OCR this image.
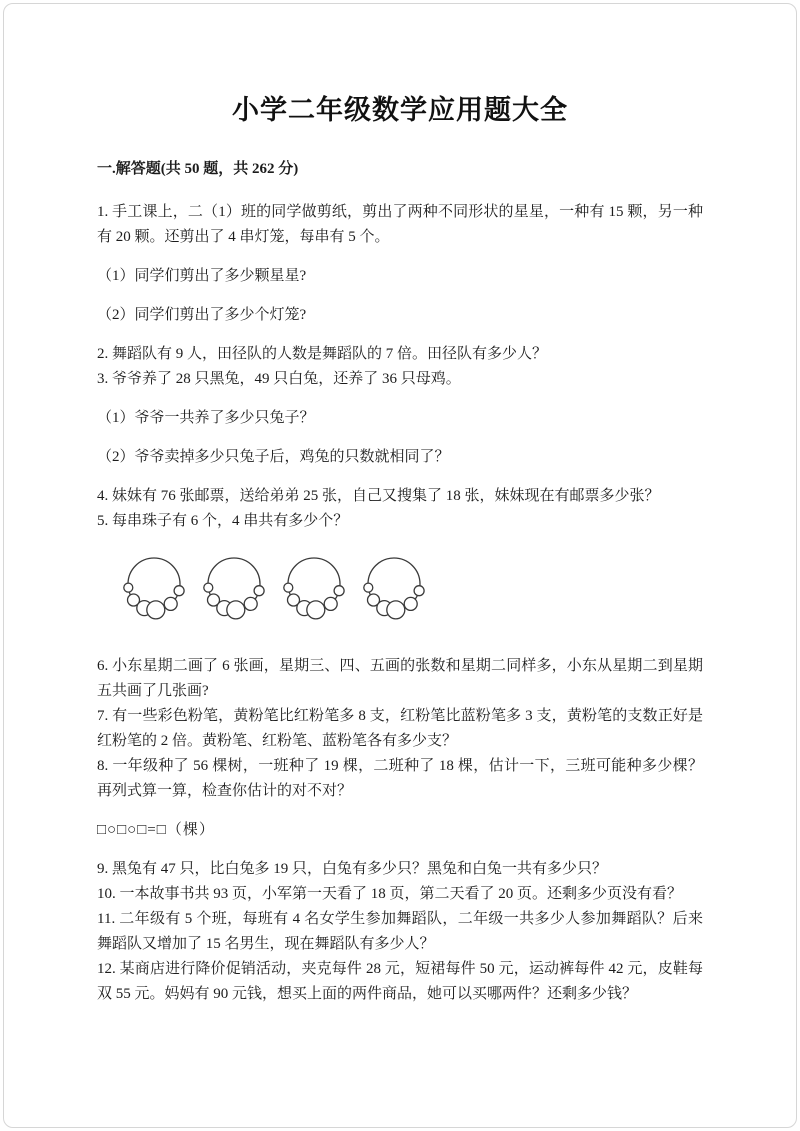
小学二年级数学应用题大全
一.解答题(共 50 题，共 262 分)

1. 手工课上，二（1）班的同学做剪纸，剪出了两种不同形状的星星，一种有 15 颗，另一种有 20 颗。还剪出了 4 串灯笼，每串有 5 个。

（1）同学们剪出了多少颗星星?

（2）同学们剪出了多少个灯笼?

2. 舞蹈队有 9 人，田径队的人数是舞蹈队的 7 倍。田径队有多少人？

3. 爷爷养了 28 只黑兔，49 只白兔，还养了 36 只母鸡。

（1）爷爷一共养了多少只兔子？

（2）爷爷卖掉多少只兔子后，鸡兔的只数就相同了？

4. 妹妹有 76 张邮票，送给弟弟 25 张，自己又搜集了 18 张，妹妹现在有邮票多少张？

5. 每串珠子有 6 个，4 串共有多少个？

6. 小东星期二画了 6 张画，星期三、四、五画的张数和星期二同样多，小东从星期二到星期五共画了几张画?

7. 有一些彩色粉笔，黄粉笔比红粉笔多 8 支，红粉笔比蓝粉笔多 3 支，黄粉笔的支数正好是红粉笔的 2 倍。黄粉笔、红粉笔、蓝粉笔各有多少支？

8. 一年级种了 56 棵树，一班种了 19 棵，二班种了 18 棵，估计一下，三班可能种多少棵？再列式算一算，检查你估计的对不对？

□○□○□=□（棵）

9. 黑兔有 47 只，比白兔多 19 只，白兔有多少只？黑兔和白兔一共有多少只？

10. 一本故事书共 93 页，小军第一天看了 18 页，第二天看了 20 页。还剩多少页没有看？

11. 二年级有 5 个班，每班有 4 名女学生参加舞蹈队，二年级一共多少人参加舞蹈队？后来舞蹈队又增加了 15 名男生，现在舞蹈队有多少人？

12. 某商店进行降价促销活动，夹克每件 28 元，短裙每件 50 元，运动裤每件 42 元，皮鞋每双 55 元。妈妈有 90 元钱，想买上面的两件商品，她可以买哪两件？还剩多少钱？
